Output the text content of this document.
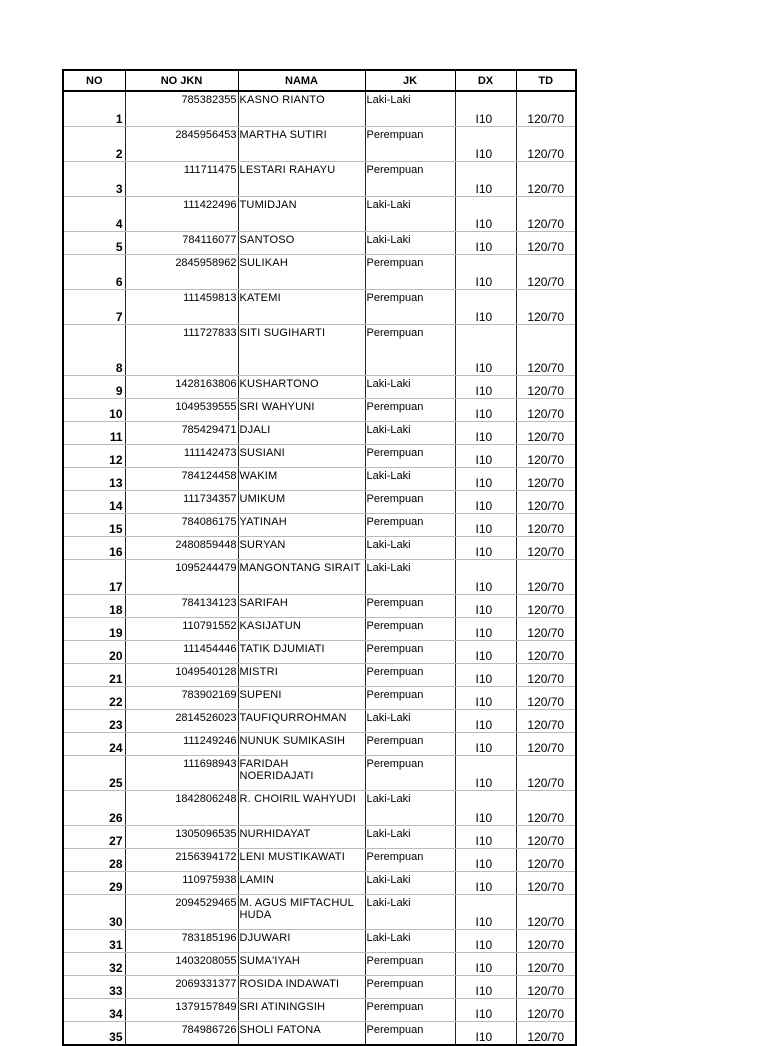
NO	NO JKN	NAMA	JK	DX	TD
1	785382355	KASNO RIANTO	Laki-Laki	I10	120/70
2	2845956453	MARTHA SUTIRI	Perempuan	I10	120/70
3	111711475	LESTARI RAHAYU	Perempuan	I10	120/70
4	111422496	TUMIDJAN	Laki-Laki	I10	120/70
5	784116077	SANTOSO	Laki-Laki	I10	120/70
6	2845958962	SULIKAH	Perempuan	I10	120/70
7	111459813	KATEMI	Perempuan	I10	120/70
8	111727833	SITI SUGIHARTI	Perempuan	I10	120/70
9	1428163806	KUSHARTONO	Laki-Laki	I10	120/70
10	1049539555	SRI WAHYUNI	Perempuan	I10	120/70
11	785429471	DJALI	Laki-Laki	I10	120/70
12	111142473	SUSIANI	Perempuan	I10	120/70
13	784124458	WAKIM	Laki-Laki	I10	120/70
14	111734357	UMIKUM	Perempuan	I10	120/70
15	784086175	YATINAH	Perempuan	I10	120/70
16	2480859448	SURYAN	Laki-Laki	I10	120/70
17	1095244479	MANGONTANG SIRAIT	Laki-Laki	I10	120/70
18	784134123	SARIFAH	Perempuan	I10	120/70
19	110791552	KASIJATUN	Perempuan	I10	120/70
20	111454446	TATIK DJUMIATI	Perempuan	I10	120/70
21	1049540128	MISTRI	Perempuan	I10	120/70
22	783902169	SUPENI	Perempuan	I10	120/70
23	2814526023	TAUFIQURROHMAN	Laki-Laki	I10	120/70
24	111249246	NUNUK SUMIKASIH	Perempuan	I10	120/70
25	111698943	FARIDAH NOERIDAJATI	Perempuan	I10	120/70
26	1842806248	R. CHOIRIL WAHYUDI	Laki-Laki	I10	120/70
27	1305096535	NURHIDAYAT	Laki-Laki	I10	120/70
28	2156394172	LENI MUSTIKAWATI	Perempuan	I10	120/70
29	110975938	LAMIN	Laki-Laki	I10	120/70
30	2094529465	M. AGUS MIFTACHUL HUDA	Laki-Laki	I10	120/70
31	783185196	DJUWARI	Laki-Laki	I10	120/70
32	1403208055	SUMA'IYAH	Perempuan	I10	120/70
33	2069331377	ROSIDA INDAWATI	Perempuan	I10	120/70
34	1379157849	SRI ATININGSIH	Perempuan	I10	120/70
35	784986726	SHOLI FATONA	Perempuan	I10	120/70
